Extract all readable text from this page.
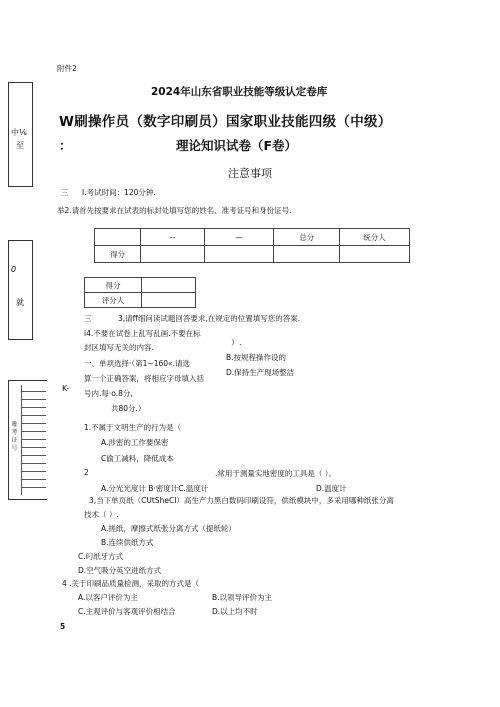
中⅛
至
0
就
唯 考 证 号
K-
附件2
2024年山东省职业技能等级认定卷库
W刷操作员（数字印刷员）国家职业技能四级（中级）
：	理论知识试卷（F卷）
注意事项
三 I.考试时间：120分钟.
举2.请首先按要求在试表的标封处填写您的姓名、准考证号和身份证号.
	--	—	总分	统分人
得分				
得分	
评分人	
三	3,请ff细问读试题回答要求,在规定的位置填写您的答案.
i4.不要在试卷上乱写乱画.不要在标
封区填写无关的内容.
一、单项选择·（第1~160«.请选
算一个正确答案，将相应字母填入括
号内.每·o.8分,
共80分.）
）.
B.按规程操作设的
D.保持生产现场整洁
1.不属于文明生产的行为是（
A.涉密的工作要保密
C偷工减料，降低成本
2	.常用于测量实地密度的工具是（ ）。
A.分光光度计 B·密度计C.温度计	D.温度计
3,当下单页纸（CUtSheCI）高生产力黑白数码印刷设符，供纸模块中，多采用哪种纸张分离
技术（ ）.
A.搓纸，摩擦式纸张分离方式（提纸轮）
B.连续供纸方式
C.叼纸牙方式
D.空气吸分英空进纸方式
4 .关于印刷品质量检测，采取的方式是（
A.以客户评价为主	B.以领导评价为主
C.主观评价与客观评价相结合	D.以上均不时
5
